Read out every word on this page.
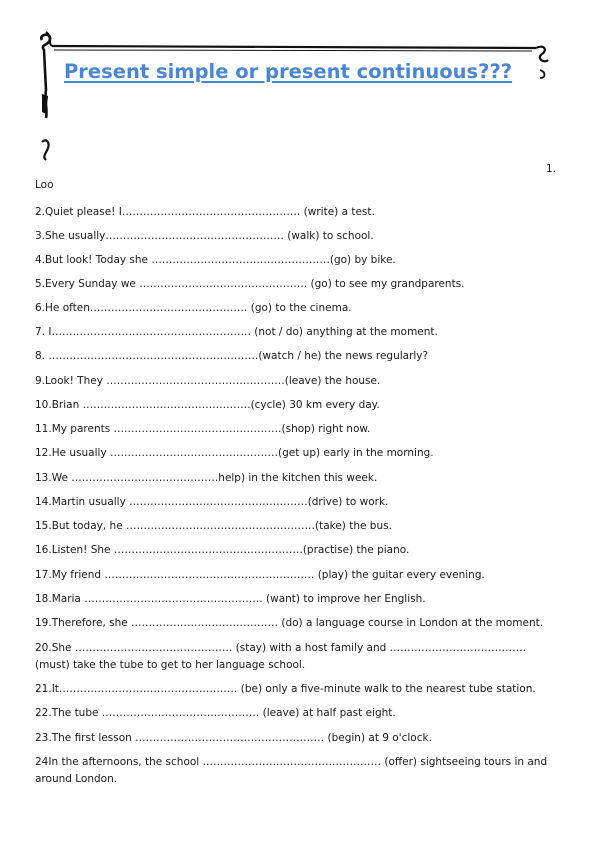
Present simple or present continuous???
1.
Loo
2.Quiet please! I…………………………………………… (write) a test.
3.She usually…………………………………………… (walk) to school.
4.But look! Today she ……………………………………………(go) by bike.
5.Every Sunday we ………………………………………… (go) to see my grandparents.
6.He often……………………………………… (go) to the cinema.
7. I………………………………………………… (not / do) anything at the moment.
8. ……………………………………………………(watch / he) the news regularly?
9.Look! They ……………………………………………(leave) the house.
10.Brian …………………………………………(cycle) 30 km every day.
11.My parents …………………………………………(shop) right now.
12.He usually …………………………………………(get up) early in the morning.
13.We ……………………………………help) in the kitchen this week.
14.Martin usually ……………………………………………(drive) to work.
15.But today, he ………………………………………………(take) the bus.
16.Listen! She ………………………………………………(practise) the piano.
17.My friend …………………………………………………… (play) the guitar every evening.
18.Maria …………………………………………… (want) to improve her English.
19.Therefore, she …………………………………… (do) a language course in London at the moment.
20.She ……………………………………… (stay) with a host family and ………………………………… (must) take the tube to get to her language school.
21.It…………………………………………… (be) only a five-minute walk to the nearest tube station.
22.The tube ……………………………………… (leave) at half past eight.
23.The first lesson ……………………………………………… (begin) at 9 o'clock.
24In the afternoons, the school …………………………………………… (offer) sightseeing tours in and around London.
